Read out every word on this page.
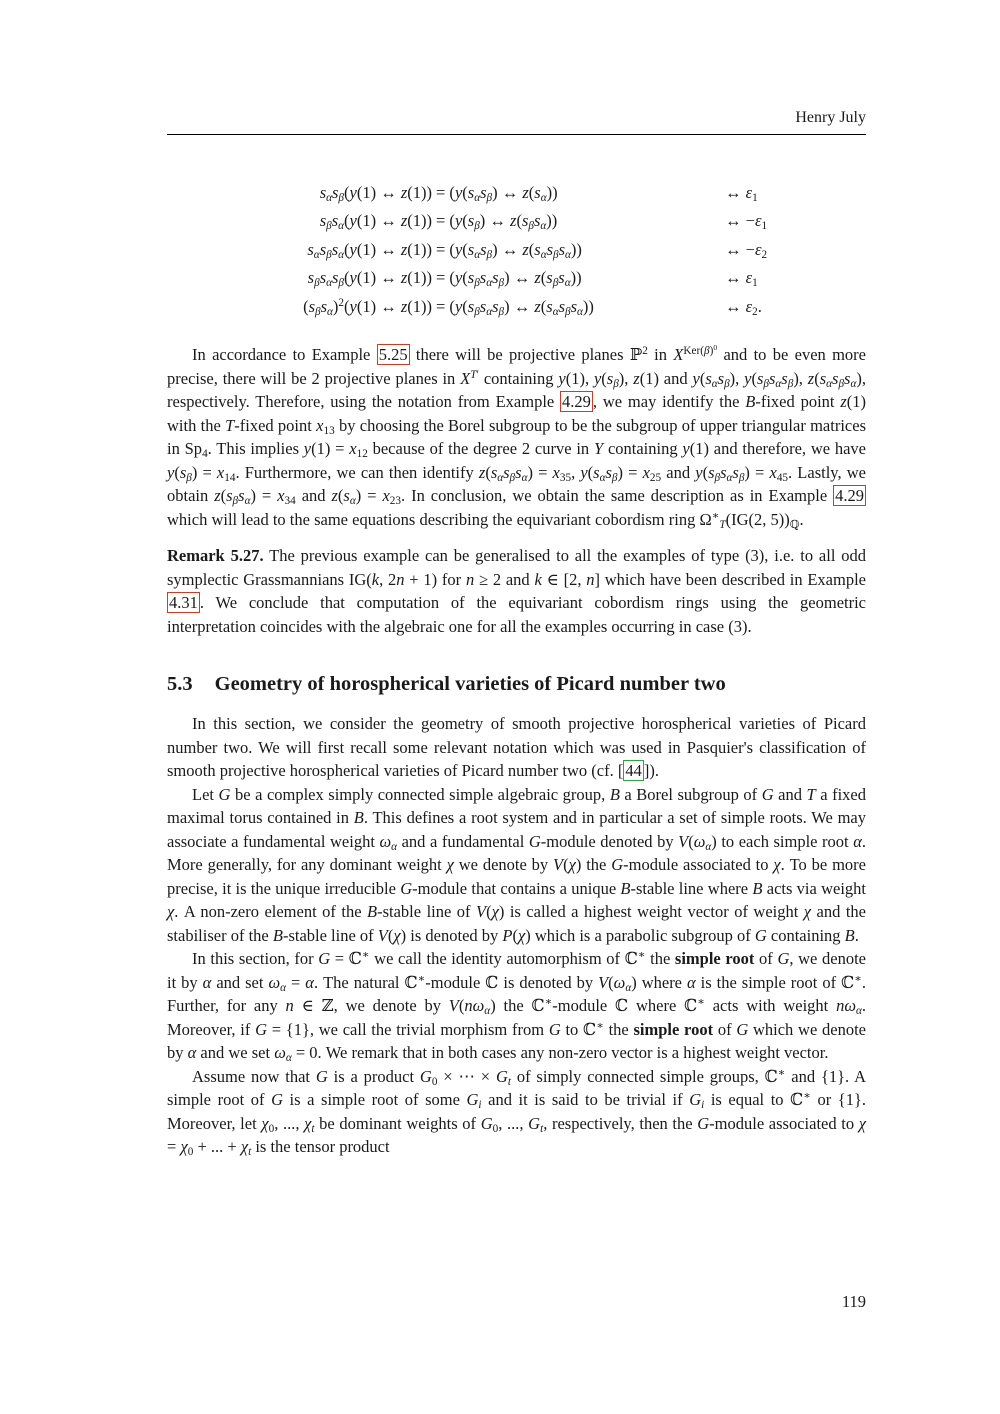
Henry July
$s_\alpha s_\beta(y(1)$ ↔ $z(1)) = (y(s_\alpha s_\beta)$ ↔ $z(s_\alpha)$)	↔ $\varepsilon_1$
$s_\beta s_\alpha(y(1)$ ↔ $z(1)) = (y(s_\beta)$ ↔ $z(s_\beta s_\alpha)$)	↔ $-\varepsilon_1$
$s_\alpha s_\beta s_\alpha(y(1)$ ↔ $z(1)) = (y(s_\alpha s_\beta)$ ↔ $z(s_\alpha s_\beta s_\alpha)$)	↔ $-\varepsilon_2$
$s_\beta s_\alpha s_\beta(y(1)$ ↔ $z(1)) = (y(s_\beta s_\alpha s_\beta)$ ↔ $z(s_\beta s_\alpha)$)	↔ $\varepsilon_1$
$(s_\beta s_\alpha)^2(y(1)$ ↔ $z(1)) = (y(s_\beta s_\alpha s_\beta)$ ↔ $z(s_\alpha s_\beta s_\alpha)$)	↔ $\varepsilon_2$.

In accordance to Example 5.25 there will be projective planes ℙ$^2$ in $X^{Ker(\beta)^0}$ and to be even more precise, there will be 2 projective planes in $X^{T'}$ containing y(1), $y(s_\beta)$, z(1) and $y(s_\alpha s_\beta)$, $y(s_\beta s_\alpha s_\beta)$, $z(s_\alpha s_\beta s_\alpha)$, respectively. Therefore, using the notation from Example 4.29 , we may identify the B-fixed point z(1) with the T-fixed point $x_{13}$ by choosing the Borel subgroup to be the subgroup of upper triangular matrices in $Sp_4$. This implies $y(1) = x_{12}$ because of the degree 2 curve in Y containing y(1) and therefore, we have $y(s_\beta) = x_{14}$. Furthermore, we can then identify $z(s_\alpha s_\beta s_\alpha) = x_{35}$, $y(s_\alpha s_\beta) = x_{25}$ and $y(s_\beta s_\alpha s_\beta) = x_{45}$. Lastly, we obtain $z(s_\beta s_\alpha) = x_{34}$ and $z(s_\alpha) = x_{23}$. In conclusion, we obtain the same description as in Example 4.29 which will lead to the same equations describing the equivariant cobordism ring $\Omega^∗_T(IG(2$, $5))_ℚ$.

Remark 5.27. The previous example can be generalised to all the examples of type (3), i.e. to all odd symplectic Grassmannians IG(k, 2n + 1) for n ≥ 2 and k ∈ [2, n] which have been described in Example 4.31 . We conclude that computation of the equivariant cobordism rings using the geometric interpretation coincides with the algebraic one for all the examples occurring in case (3).

5.3 Geometry of horospherical varieties of Picard number two

In this section, we consider the geometry of smooth projective horospherical varieties of Picard number two. We will first recall some relevant notation which was used in Pasquier's classification of smooth projective horospherical varieties of Picard number two (cf. [ 44 ]).

Let G be a complex simply connected simple algebraic group, B a Borel subgroup of G and T a fixed maximal torus contained in B. This defines a root system and in particular a set of simple roots. We may associate a fundamental weight $\omega_\alpha$ and a fundamental G-module denoted by $V(\omega_\alpha)$ to each simple root α. More generally, for any dominant weight χ we denote by V(χ) the G-module associated to χ. To be more precise, it is the unique irreducible G-module that contains a unique B-stable line where B acts via weight χ. A non-zero element of the B-stable line of V(χ) is called a highest weight vector of weight χ and the stabiliser of the B-stable line of V(χ) is denoted by P(χ) which is a parabolic subgroup of G containing B.

In this section, for G = ℂ∗ we call the identity automorphism of ℂ∗ the simple root of G, we denote it by α and set $\omega_\alpha = \alpha$. The natural ℂ∗-module ℂ is denoted by $V(\omega_\alpha)$ where α is the simple root of ℂ∗. Further, for any n ∈ ℤ, we denote by $V(n\omega_\alpha)$ the ℂ∗-module ℂ where ℂ∗ acts with weight $n\omega_\alpha$. Moreover, if G = {1}, we call the trivial morphism from G to ℂ∗ the simple root of G which we denote by α and we set $\omega_\alpha = 0$. We remark that in both cases any non-zero vector is a highest weight vector.

Assume now that G is a product $G_0$ × ⋯ × $G_t$ of simply connected simple groups, ℂ∗ and {1}. A simple root of G is a simple root of some $G_i$ and it is said to be trivial if $G_i$ is equal to ℂ∗ or {1}. Moreover, let $\chi_0$, ..., $\chi_t$ be dominant weights of $G_0$, ..., $G_t$, respectively, then the G-module associated to $\chi = \chi_0$ + ... + $\chi_t$ is the tensor product

119
